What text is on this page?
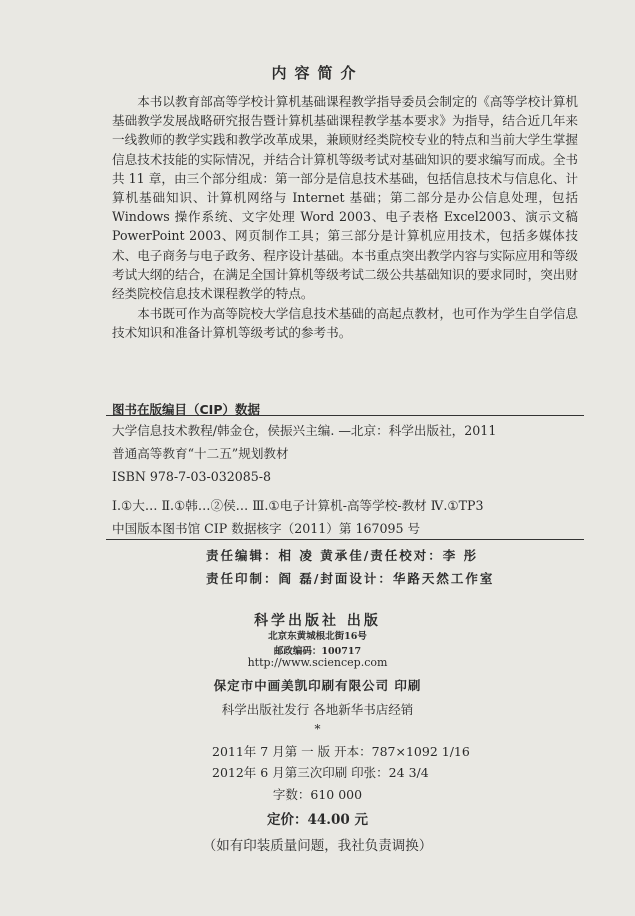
内容简介

本书以教育部高等学校计算机基础课程教学指导委员会制定的《高等学校计算机基础教学发展战略研究报告暨计算机基础课程教学基本要求》为指导，结合近几年来一线教师的教学实践和教学改革成果，兼顾财经类院校专业的特点和当前大学生掌握信息技术技能的实际情况，并结合计算机等级考试对基础知识的要求编写而成。全书共 11 章，由三个部分组成：第一部分是信息技术基础，包括信息技术与信息化、计算机基础知识、计算机网络与 Internet 基础；第二部分是办公信息处理，包括 Windows 操作系统、文字处理 Word 2003、电子表格 Excel2003、演示文稿 PowerPoint 2003、网页制作工具；第三部分是计算机应用技术，包括多媒体技术、电子商务与电子政务、程序设计基础。本书重点突出教学内容与实际应用和等级考试大纲的结合，在满足全国计算机等级考试二级公共基础知识的要求同时，突出财经类院校信息技术课程教学的特点。

本书既可作为高等院校大学信息技术基础的高起点教材，也可作为学生自学信息技术知识和准备计算机等级考试的参考书。

图书在版编目（CIP）数据
大学信息技术教程/韩金仓，侯振兴主编. —北京：科学出版社，2011
普通高等教育“十二五”规划教材
ISBN 978-7-03-032085-8
Ⅰ.①大… Ⅱ.①韩…②侯… Ⅲ.①电子计算机-高等学校-教材 Ⅳ.①TP3
中国版本图书馆 CIP 数据核字（2011）第 167095 号
责任编辑：相 凌 黄承佳/责任校对：李 彤
责任印制：阎 磊/封面设计：华路天然工作室
科学出版社 出版
北京东黄城根北街16号
邮政编码：100717
http://www.sciencep.com
保定市中画美凯印刷有限公司 印刷
科学出版社发行 各地新华书店经销
*
2011年 7 月第 一 版 开本：787×1092 1/16
2012年 6 月第三次印刷 印张：24 3/4
字数：610 000
定价：44.00 元
（如有印装质量问题，我社负责调换）
